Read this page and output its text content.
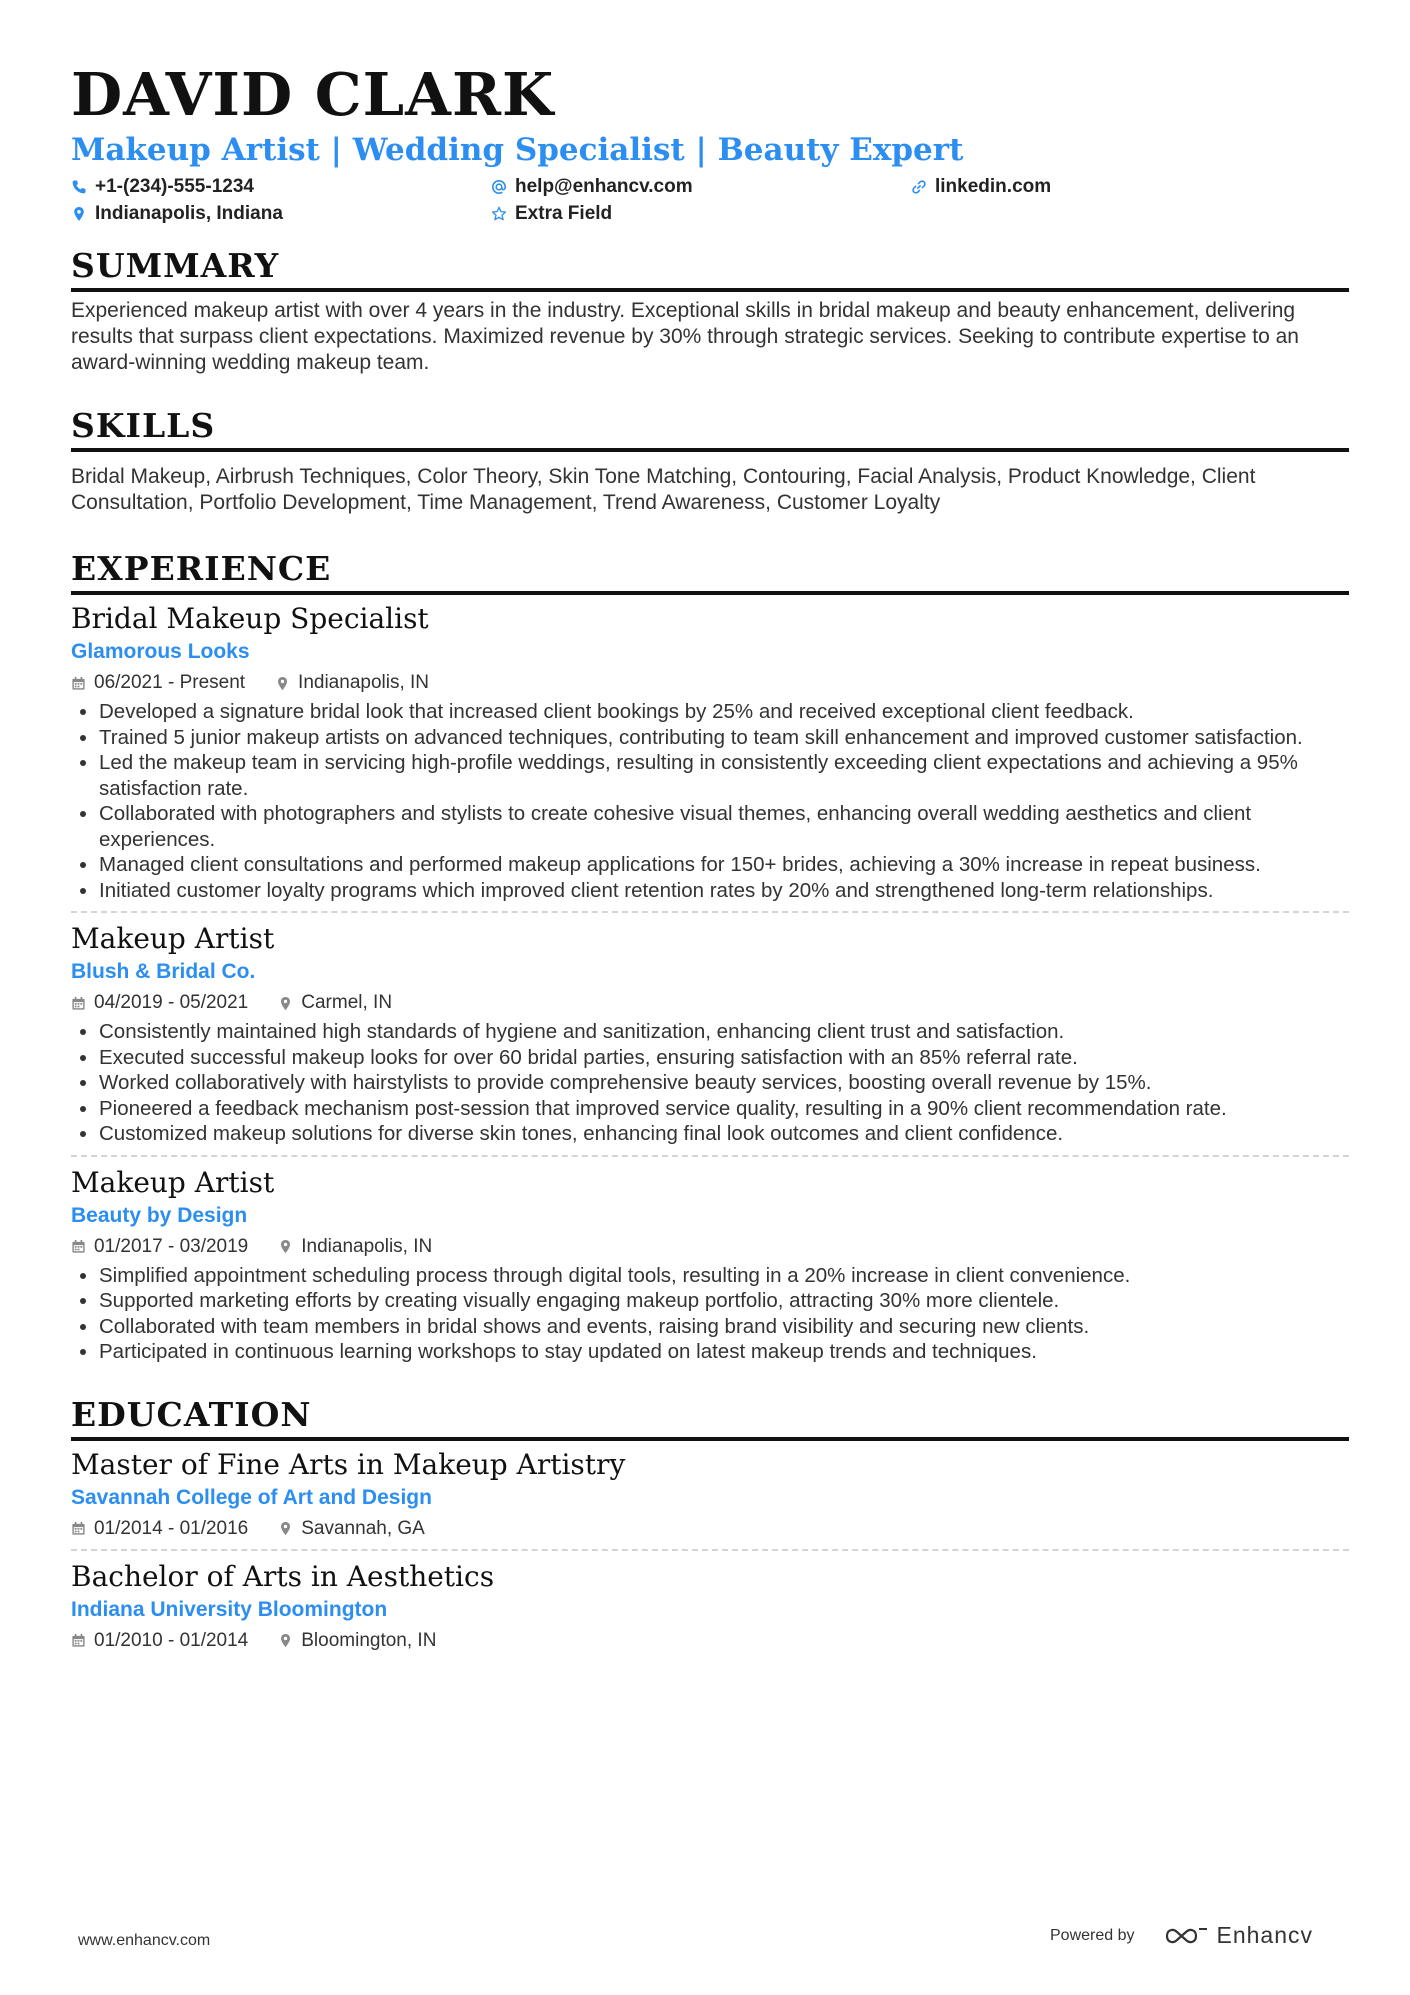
DAVID CLARK

Makeup Artist | Wedding Specialist | Beauty Expert

+1-(234)-555-1234	help@enhancv.com	linkedin.com
Indianapolis, Indiana	Extra Field
SUMMARY

Experienced makeup artist with over 4 years in the industry. Exceptional skills in bridal makeup and beauty enhancement, delivering results that surpass client expectations. Maximized revenue by 30% through strategic services. Seeking to contribute expertise to an award-winning wedding makeup team.

SKILLS

Bridal Makeup, Airbrush Techniques, Color Theory, Skin Tone Matching, Contouring, Facial Analysis, Product Knowledge, Client Consultation, Portfolio Development, Time Management, Trend Awareness, Customer Loyalty

EXPERIENCE

Bridal Makeup Specialist

Glamorous Looks

06/2021 - Present	Indianapolis, IN
• Developed a signature bridal look that increased client bookings by 25% and received exceptional client feedback.
• Trained 5 junior makeup artists on advanced techniques, contributing to team skill enhancement and improved customer satisfaction.
• Led the makeup team in servicing high-profile weddings, resulting in consistently exceeding client expectations and achieving a 95% satisfaction rate.
• Collaborated with photographers and stylists to create cohesive visual themes, enhancing overall wedding aesthetics and client experiences.
• Managed client consultations and performed makeup applications for 150+ brides, achieving a 30% increase in repeat business.
• Initiated customer loyalty programs which improved client retention rates by 20% and strengthened long-term relationships.

Makeup Artist

Blush & Bridal Co.

04/2019 - 05/2021	Carmel, IN
• Consistently maintained high standards of hygiene and sanitization, enhancing client trust and satisfaction.
• Executed successful makeup looks for over 60 bridal parties, ensuring satisfaction with an 85% referral rate.
• Worked collaboratively with hairstylists to provide comprehensive beauty services, boosting overall revenue by 15%.
• Pioneered a feedback mechanism post-session that improved service quality, resulting in a 90% client recommendation rate.
• Customized makeup solutions for diverse skin tones, enhancing final look outcomes and client confidence.

Makeup Artist

Beauty by Design

01/2017 - 03/2019	Indianapolis, IN
• Simplified appointment scheduling process through digital tools, resulting in a 20% increase in client convenience.
• Supported marketing efforts by creating visually engaging makeup portfolio, attracting 30% more clientele.
• Collaborated with team members in bridal shows and events, raising brand visibility and securing new clients.
• Participated in continuous learning workshops to stay updated on latest makeup trends and techniques.
EDUCATION

Master of Fine Arts in Makeup Artistry

Savannah College of Art and Design

01/2014 - 01/2016	Savannah, GA

Bachelor of Arts in Aesthetics

Indiana University Bloomington

01/2010 - 01/2014	Bloomington, IN
www.enhancv.com	Powered by	Enhancv
